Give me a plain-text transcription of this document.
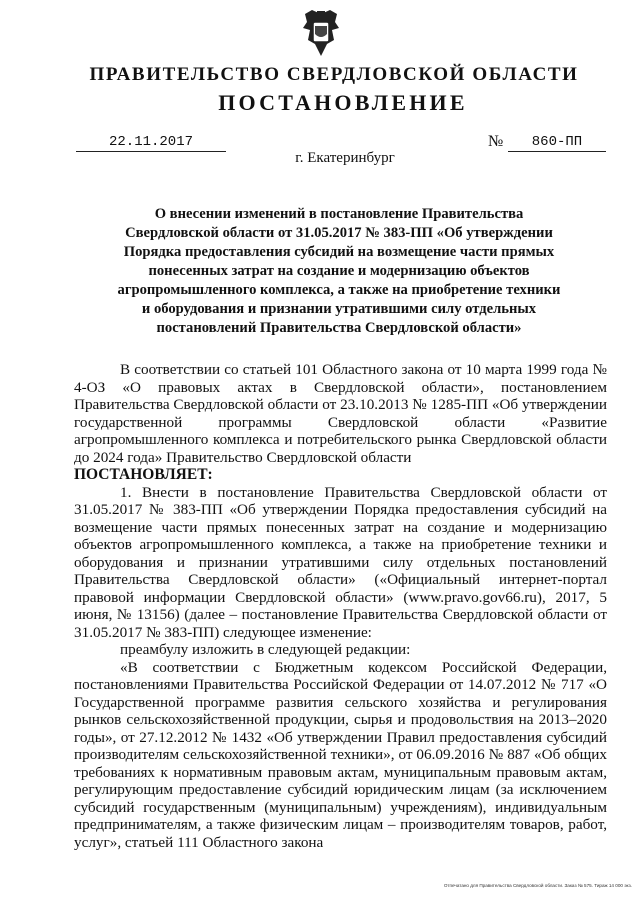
ПРАВИТЕЛЬСТВО СВЕРДЛОВСКОЙ ОБЛАСТИ
ПОСТАНОВЛЕНИЕ
22.11.2017	№	860-ПП
г. Екатеринбург
О внесении изменений в постановление Правительства
Свердловской области от 31.05.2017 № 383-ПП «Об утверждении
Порядка предоставления субсидий на возмещение части прямых
понесенных затрат на создание и модернизацию объектов
агропромышленного комплекса, а также на приобретение техники
и оборудования и признании утратившими силу отдельных
постановлений Правительства Свердловской области»

В соответствии со статьей 101 Областного закона от 10 марта 1999 года № 4-ОЗ «О правовых актах в Свердловской области», постановлением Правительства Свердловской области от 23.10.2013 № 1285-ПП «Об утверждении государственной программы Свердловской области «Развитие агропромышленного комплекса и потребительского рынка Свердловской области до 2024 года» Правительство Свердловской области

ПОСТАНОВЛЯЕТ:

1. Внести в постановление Правительства Свердловской области от 31.05.2017 № 383-ПП «Об утверждении Порядка предоставления субсидий на возмещение части прямых понесенных затрат на создание и модернизацию объектов агропромышленного комплекса, а также на приобретение техники и оборудования и признании утратившими силу отдельных постановлений Правительства Свердловской области» («Официальный интернет-портал правовой информации Свердловской области» (www.pravo.gov66.ru), 2017, 5 июня, № 13156) (далее – постановление Правительства Свердловской области от 31.05.2017 № 383-ПП) следующее изменение:

преамбулу изложить в следующей редакции:

«В соответствии с Бюджетным кодексом Российской Федерации, постановлениями Правительства Российской Федерации от 14.07.2012 № 717 «О Государственной программе развития сельского хозяйства и регулирования рынков сельскохозяйственной продукции, сырья и продовольствия на 2013–2020 годы», от 27.12.2012 № 1432 «Об утверждении Правил предоставления субсидий производителям сельскохозяйственной техники», от 06.09.2016 № 887 «Об общих требованиях к нормативным правовым актам, муниципальным правовым актам, регулирующим предоставление субсидий юридическим лицам (за исключением субсидий государственным (муниципальным) учреждениям), индивидуальным предпринимателям, а также физическим лицам – производителям товаров, работ, услуг», статьей 111 Областного закона

Отпечатано для Правительства Свердловской области. Заказ № 575. Тираж 14 000 экз.
